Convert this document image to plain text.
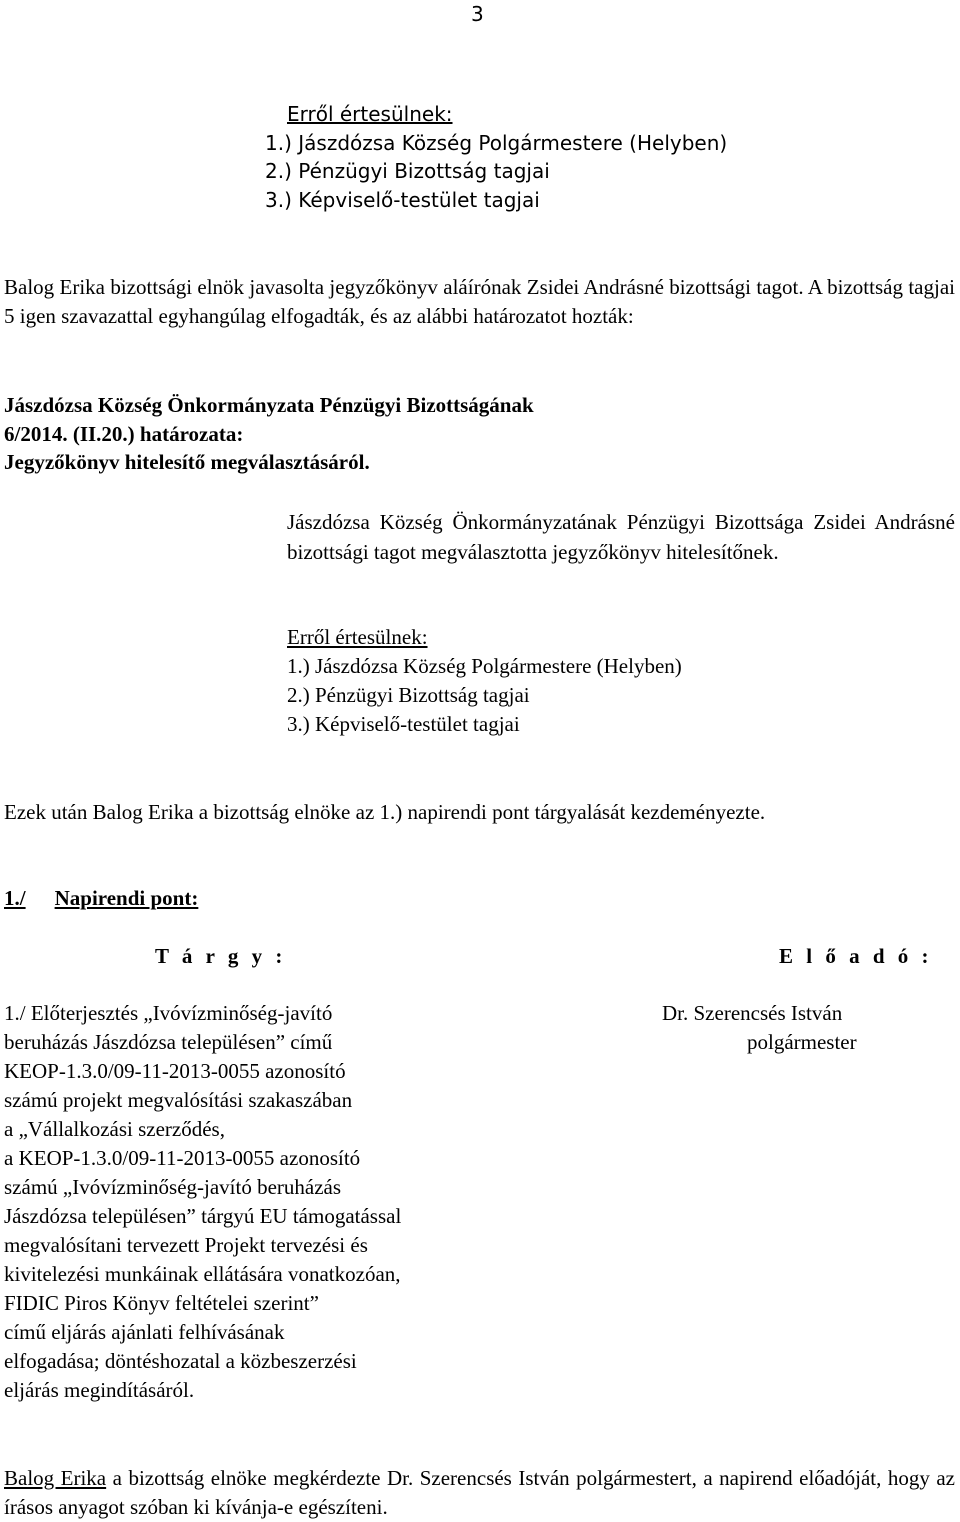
3
Erről értesülnek:
1.) Jászdózsa Község Polgármestere (Helyben)
2.) Pénzügyi Bizottság tagjai
3.) Képviselő-testület tagjai
Balog Erika bizottsági elnök javasolta jegyzőkönyv aláírónak Zsidei Andrásné bizottsági tagot. A bizottság tagjai 5 igen szavazattal egyhangúlag elfogadták, és az alábbi határozatot hozták:
Jászdózsa Község Önkormányzata Pénzügyi Bizottságának
6/2014. (II.20.) határozata:
Jegyzőkönyv hitelesítő megválasztásáról.
Jászdózsa Község Önkormányzatának Pénzügyi Bizottsága Zsidei Andrásné bizottsági tagot megválasztotta jegyzőkönyv hitelesítőnek.
Erről értesülnek:
1.) Jászdózsa Község Polgármestere (Helyben)
2.) Pénzügyi Bizottság tagjai
3.) Képviselő-testület tagjai
Ezek után Balog Erika a bizottság elnöke az 1.) napirendi pont tárgyalását kezdeményezte.
1./ Napirendi pont:
T á r g y :	E l ő a d ó :
1./ Előterjesztés „Ivóvízminőség-javító
beruházás Jászdózsa településen” című
KEOP-1.3.0/09-11-2013-0055 azonosító
számú projekt megvalósítási szakaszában
a „Vállalkozási szerződés,
a KEOP-1.3.0/09-11-2013-0055 azonosító
számú „Ivóvízminőség-javító beruházás
Jászdózsa településen” tárgyú EU támogatással
megvalósítani tervezett Projekt tervezési és
kivitelezési munkáinak ellátására vonatkozóan,
FIDIC Piros Könyv feltételei szerint”
című eljárás ajánlati felhívásának
elfogadása; döntéshozatal a közbeszerzési
eljárás megindításáról.
Dr. Szerencsés István
polgármester
Balog Erika a bizottság elnöke megkérdezte Dr. Szerencsés István polgármestert, a napirend előadóját, hogy az írásos anyagot szóban ki kívánja-e egészíteni.
